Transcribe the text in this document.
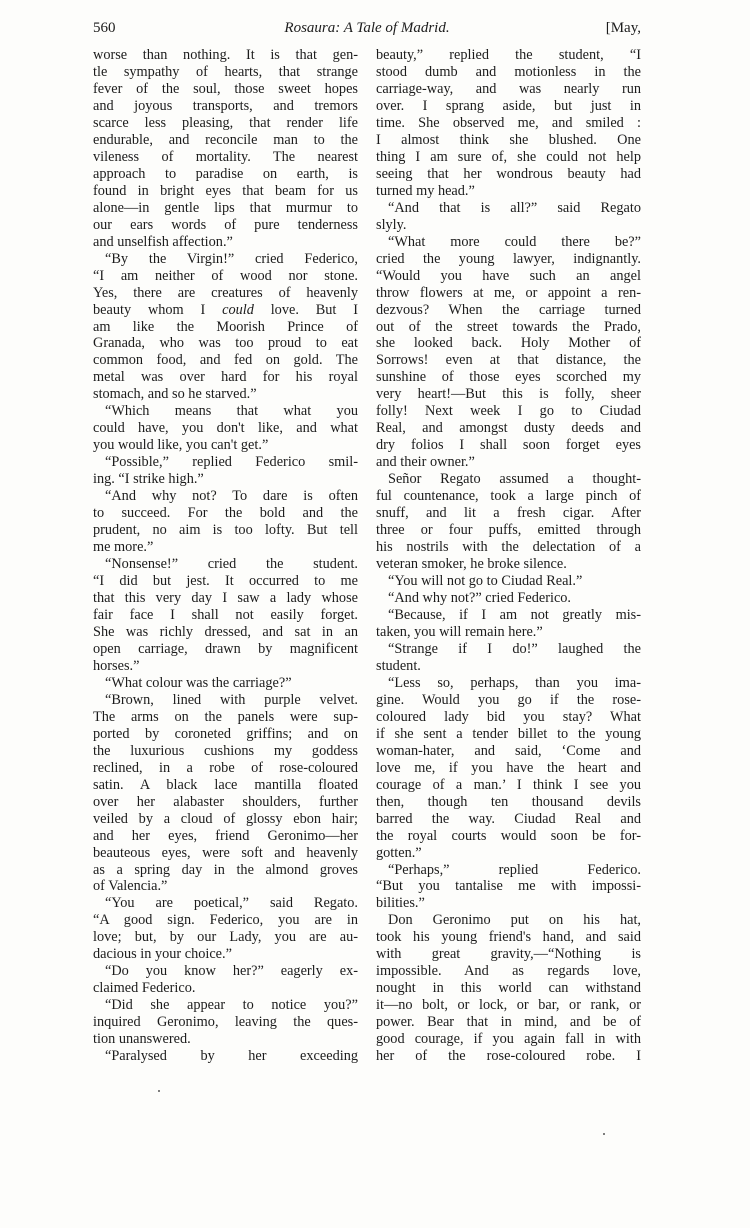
560	Rosaura: A Tale of Madrid.	[May,
worse than nothing. It is that gen-
tle sympathy of hearts, that strange
fever of the soul, those sweet hopes
and joyous transports, and tremors
scarce less pleasing, that render life
endurable, and reconcile man to the
vileness of mortality. The nearest
approach to paradise on earth, is
found in bright eyes that beam for us
alone—in gentle lips that murmur to
our ears words of pure tenderness
and unselfish affection.”
“By the Virgin!” cried Federico,
“I am neither of wood nor stone.
Yes, there are creatures of heavenly
beauty whom I could love. But I
am like the Moorish Prince of
Granada, who was too proud to eat
common food, and fed on gold. The
metal was over hard for his royal
stomach, and so he starved.”
“Which means that what you
could have, you don't like, and what
you would like, you can't get.”
“Possible,” replied Federico smil-
ing. “I strike high.”
“And why not? To dare is often
to succeed. For the bold and the
prudent, no aim is too lofty. But tell
me more.”
“Nonsense!” cried the student.
“I did but jest. It occurred to me
that this very day I saw a lady whose
fair face I shall not easily forget.
She was richly dressed, and sat in an
open carriage, drawn by magnificent
horses.”
“What colour was the carriage?”
“Brown, lined with purple velvet.
The arms on the panels were sup-
ported by coroneted griffins; and on
the luxurious cushions my goddess
reclined, in a robe of rose-coloured
satin. A black lace mantilla floated
over her alabaster shoulders, further
veiled by a cloud of glossy ebon hair;
and her eyes, friend Geronimo—her
beauteous eyes, were soft and heavenly
as a spring day in the almond groves
of Valencia.”
“You are poetical,” said Regato.
“A good sign. Federico, you are in
love; but, by our Lady, you are au-
dacious in your choice.”
“Do you know her?” eagerly ex-
claimed Federico.
“Did she appear to notice you?”
inquired Geronimo, leaving the ques-
tion unanswered.
“Paralysed by her exceeding
beauty,” replied the student, “I
stood dumb and motionless in the
carriage-way, and was nearly run
over. I sprang aside, but just in
time. She observed me, and smiled :
I almost think she blushed. One
thing I am sure of, she could not help
seeing that her wondrous beauty had
turned my head.”
“And that is all?” said Regato
slyly.
“What more could there be?”
cried the young lawyer, indignantly.
“Would you have such an angel
throw flowers at me, or appoint a ren-
dezvous? When the carriage turned
out of the street towards the Prado,
she looked back. Holy Mother of
Sorrows! even at that distance, the
sunshine of those eyes scorched my
very heart!—But this is folly, sheer
folly! Next week I go to Ciudad
Real, and amongst dusty deeds and
dry folios I shall soon forget eyes
and their owner.”
Señor Regato assumed a thought-
ful countenance, took a large pinch of
snuff, and lit a fresh cigar. After
three or four puffs, emitted through
his nostrils with the delectation of a
veteran smoker, he broke silence.
“You will not go to Ciudad Real.”
“And why not?” cried Federico.
“Because, if I am not greatly mis-
taken, you will remain here.”
“Strange if I do!” laughed the
student.
“Less so, perhaps, than you ima-
gine. Would you go if the rose-
coloured lady bid you stay? What
if she sent a tender billet to the young
woman-hater, and said, ‘Come and
love me, if you have the heart and
courage of a man.’ I think I see you
then, though ten thousand devils
barred the way. Ciudad Real and
the royal courts would soon be for-
gotten.”
“Perhaps,” replied Federico.
“But you tantalise me with impossi-
bilities.”
Don Geronimo put on his hat,
took his young friend's hand, and said
with great gravity,—“Nothing is
impossible. And as regards love,
nought in this world can withstand
it—no bolt, or lock, or bar, or rank, or
power. Bear that in mind, and be of
good courage, if you again fall in with
her of the rose-coloured robe. I
